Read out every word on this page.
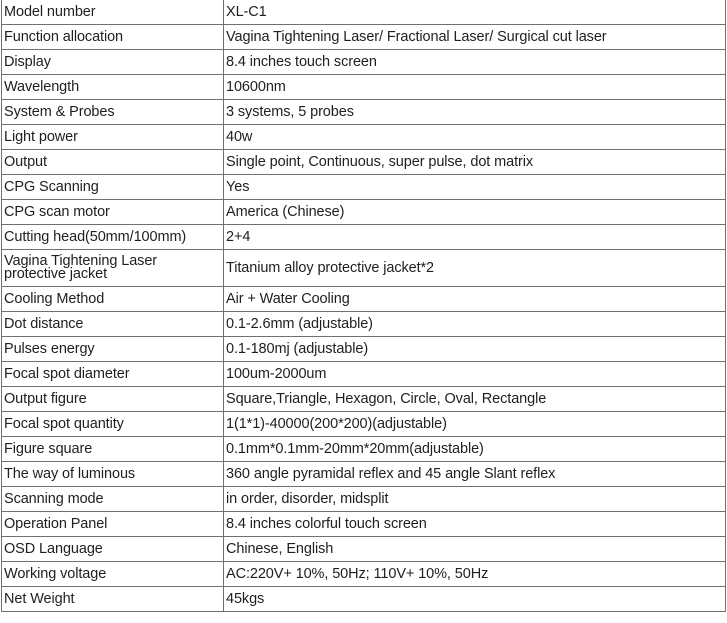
Model number	XL-C1
Function allocation	Vagina Tightening Laser/ Fractional Laser/ Surgical cut laser
Display	8.4 inches touch screen
Wavelength	10600nm
System & Probes	3 systems, 5 probes
Light power	40w
Output	Single point, Continuous, super pulse, dot matrix
CPG Scanning	Yes
CPG scan motor	America (Chinese)
Cutting head(50mm/100mm)	2+4
Vagina Tightening Laser protective jacket	Titanium alloy protective jacket*2
Cooling Method	Air + Water Cooling
Dot distance	0.1-2.6mm (adjustable)
Pulses energy	0.1-180mj (adjustable)
Focal spot diameter	100um-2000um
Output figure	Square,Triangle, Hexagon, Circle, Oval, Rectangle
Focal spot quantity	1(1*1)-40000(200*200)(adjustable)
Figure square	0.1mm*0.1mm-20mm*20mm(adjustable)
The way of luminous	360 angle pyramidal reflex and 45 angle Slant reflex
Scanning mode	in order, disorder, midsplit
Operation Panel	8.4 inches colorful touch screen
OSD Language	Chinese, English
Working voltage	AC:220V+ 10%, 50Hz; 110V+ 10%, 50Hz
Net Weight	45kgs
